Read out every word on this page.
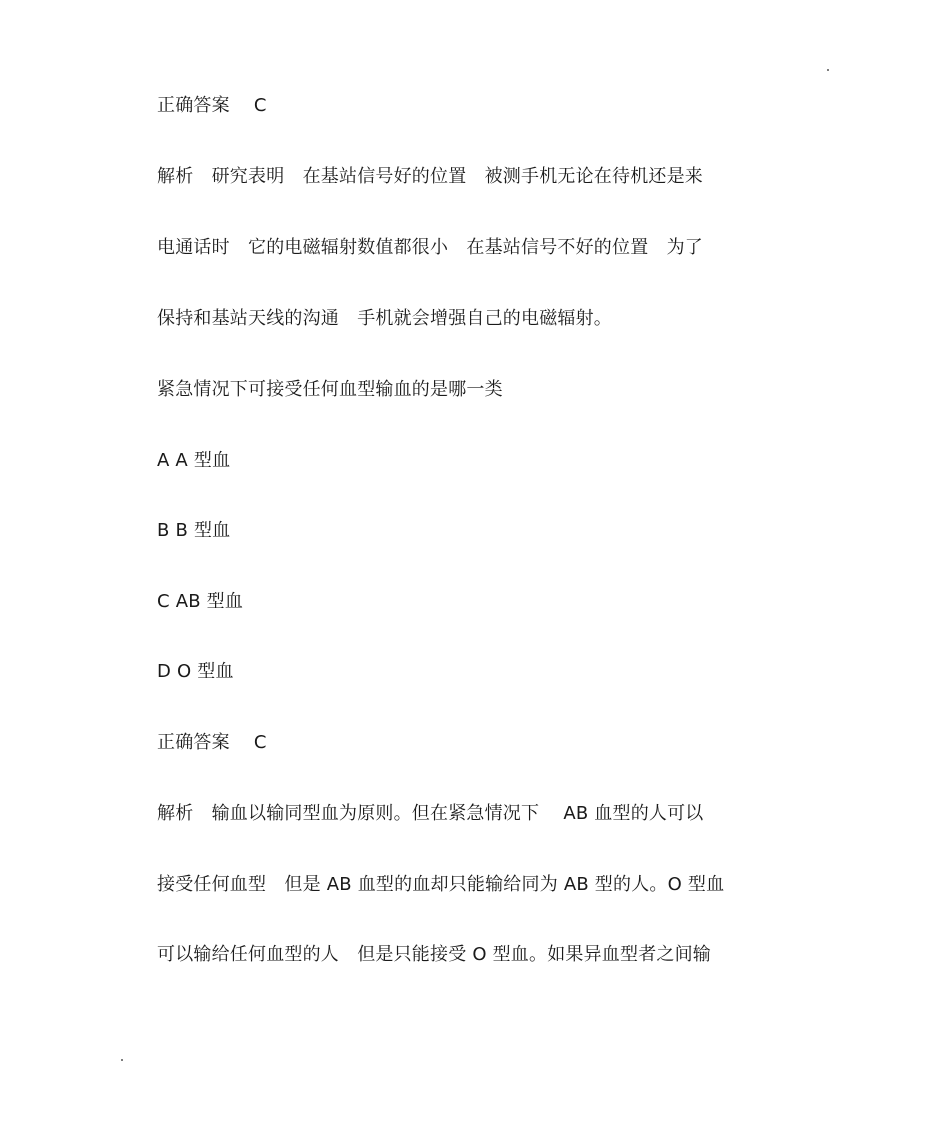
正确答案　 C
解析　研究表明　在基站信号好的位置　被测手机无论在待机还是来
电通话时　它的电磁辐射数值都很小　在基站信号不好的位置　为了
保持和基站天线的沟通　手机就会增强自己的电磁辐射。
紧急情况下可接受任何血型输血的是哪一类
A A 型血
B B 型血
C AB 型血
D O 型血
正确答案　 C
解析　输血以输同型血为原则。但在紧急情况下　 AB 血型的人可以
接受任何血型　但是 AB 血型的血却只能输给同为 AB 型的人。O 型血
可以输给任何血型的人　但是只能接受 O 型血。如果异血型者之间输
